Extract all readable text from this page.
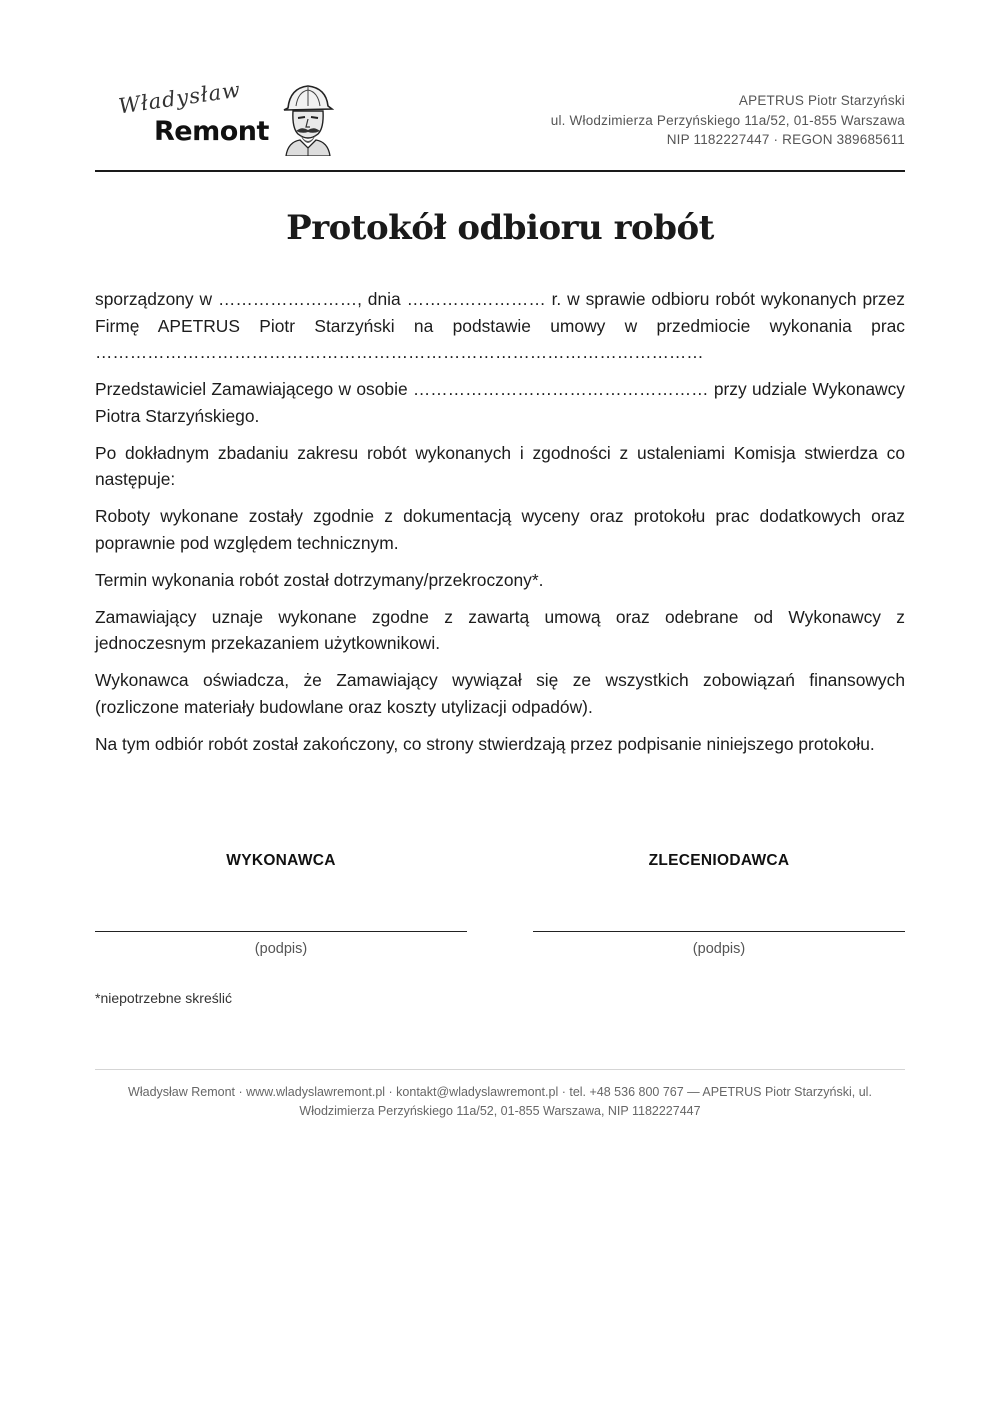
Władysław
Remont
APETRUS Piotr Starzyński
ul. Włodzimierza Perzyńskiego 11a/52, 01-855 Warszawa
NIP 1182227447 · REGON 389685611
Protokół odbioru robót

sporządzony w ……………………, dnia …………………… r. w sprawie odbioru robót wykonanych przez Firmę APETRUS Piotr Starzyński na podstawie umowy w przedmiocie wykonania prac ……………………………………………………………………………………………

Przedstawiciel Zamawiającego w osobie …………………………………………… przy udziale Wykonawcy Piotra Starzyńskiego.

Po dokładnym zbadaniu zakresu robót wykonanych i zgodności z ustaleniami Komisja stwierdza co następuje:

Roboty wykonane zostały zgodnie z dokumentacją wyceny oraz protokołu prac dodatkowych oraz poprawnie pod względem technicznym.

Termin wykonania robót został dotrzymany/przekroczony*.

Zamawiający uznaje wykonane zgodne z zawartą umową oraz odebrane od Wykonawcy z jednoczesnym przekazaniem użytkownikowi.

Wykonawca oświadcza, że Zamawiający wywiązał się ze wszystkich zobowiązań finansowych (rozliczone materiały budowlane oraz koszty utylizacji odpadów).

Na tym odbiór robót został zakończony, co strony stwierdzają przez podpisanie niniejszego protokołu.

WYKONAWCA	ZLECENIODAWCA
(podpis)	(podpis)
*niepotrzebne skreślić
Władysław Remont · www.wladyslawremont.pl · kontakt@wladyslawremont.pl · tel. +48 536 800 767 — APETRUS Piotr Starzyński, ul.
Włodzimierza Perzyńskiego 11a/52, 01-855 Warszawa, NIP 1182227447
